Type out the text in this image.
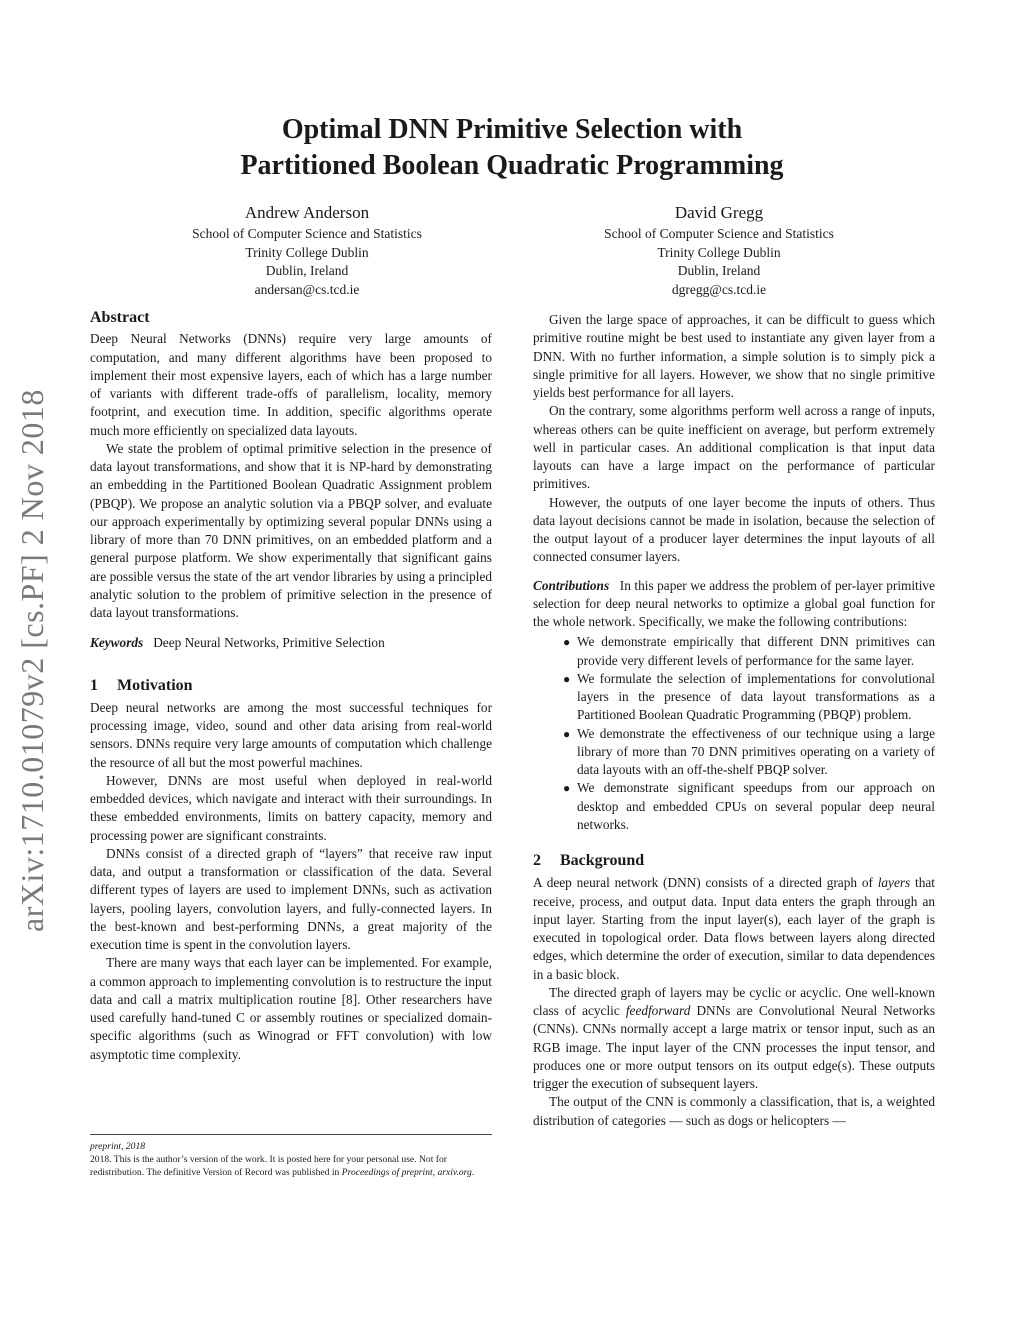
arXiv:1710.01079v2 [cs.PF] 2 Nov 2018
Optimal DNN Primitive Selection with
Partitioned Boolean Quadratic Programming
Andrew Anderson
School of Computer Science and Statistics
Trinity College Dublin
Dublin, Ireland
andersan@cs.tcd.ie
David Gregg
School of Computer Science and Statistics
Trinity College Dublin
Dublin, Ireland
dgregg@cs.tcd.ie
Abstract

Deep Neural Networks (DNNs) require very large amounts of computation, and many different algorithms have been proposed to implement their most expensive layers, each of which has a large number of variants with different trade-offs of parallelism, locality, memory footprint, and execution time. In addition, specific algorithms operate much more efficiently on specialized data layouts.

We state the problem of optimal primitive selection in the presence of data layout transformations, and show that it is NP-hard by demonstrating an embedding in the Partitioned Boolean Quadratic Assignment problem (PBQP). We propose an analytic solution via a PBQP solver, and evaluate our approach experimentally by optimizing several popular DNNs using a library of more than 70 DNN primitives, on an embedded platform and a general purpose platform. We show experimentally that significant gains are possible versus the state of the art vendor libraries by using a principled analytic solution to the problem of primitive selection in the presence of data layout transformations.

Keywords Deep Neural Networks, Primitive Selection

1 Motivation

Deep neural networks are among the most successful techniques for processing image, video, sound and other data arising from real-world sensors. DNNs require very large amounts of computation which challenge the resource of all but the most powerful machines.

However, DNNs are most useful when deployed in real-world embedded devices, which navigate and interact with their surroundings. In these embedded environments, limits on battery capacity, memory and processing power are significant constraints.

DNNs consist of a directed graph of “layers” that receive raw input data, and output a transformation or classification of the data. Several different types of layers are used to implement DNNs, such as activation layers, pooling layers, convolution layers, and fully-connected layers. In the best-known and best-performing DNNs, a great majority of the execution time is spent in the convolution layers.

There are many ways that each layer can be implemented. For example, a common approach to implementing convolution is to restructure the input data and call a matrix multiplication routine [8]. Other researchers have used carefully hand-tuned C or assembly routines or specialized domain-specific algorithms (such as Winograd or FFT convolution) with low asymptotic time complexity.

preprint, 2018
2018. This is the author’s version of the work. It is posted here for your personal use. Not for redistribution. The definitive Version of Record was published in Proceedings of preprint, arxiv.org.

Given the large space of approaches, it can be difficult to guess which primitive routine might be best used to instantiate any given layer from a DNN. With no further information, a simple solution is to simply pick a single primitive for all layers. However, we show that no single primitive yields best performance for all layers.

On the contrary, some algorithms perform well across a range of inputs, whereas others can be quite inefficient on average, but perform extremely well in particular cases. An additional complication is that input data layouts can have a large impact on the performance of particular primitives.

However, the outputs of one layer become the inputs of others. Thus data layout decisions cannot be made in isolation, because the selection of the output layout of a producer layer determines the input layouts of all connected consumer layers.

Contributions In this paper we address the problem of per-layer primitive selection for deep neural networks to optimize a global goal function for the whole network. Specifically, we make the following contributions:

● We demonstrate empirically that different DNN primitives can provide very different levels of performance for the same layer.
● We formulate the selection of implementations for convolutional layers in the presence of data layout transformations as a Partitioned Boolean Quadratic Programming (PBQP) problem.
● We demonstrate the effectiveness of our technique using a large library of more than 70 DNN primitives operating on a variety of data layouts with an off-the-shelf PBQP solver.
● We demonstrate significant speedups from our approach on desktop and embedded CPUs on several popular deep neural networks.
2 Background

A deep neural network (DNN) consists of a directed graph of layers that receive, process, and output data. Input data enters the graph through an input layer. Starting from the input layer(s), each layer of the graph is executed in topological order. Data flows between layers along directed edges, which determine the order of execution, similar to data dependences in a basic block.

The directed graph of layers may be cyclic or acyclic. One well-known class of acyclic feedforward DNNs are Convolutional Neural Networks (CNNs). CNNs normally accept a large matrix or tensor input, such as an RGB image. The input layer of the CNN processes the input tensor, and produces one or more output tensors on its output edge(s). These outputs trigger the execution of subsequent layers.

The output of the CNN is commonly a classification, that is, a weighted distribution of categories — such as dogs or helicopters —
